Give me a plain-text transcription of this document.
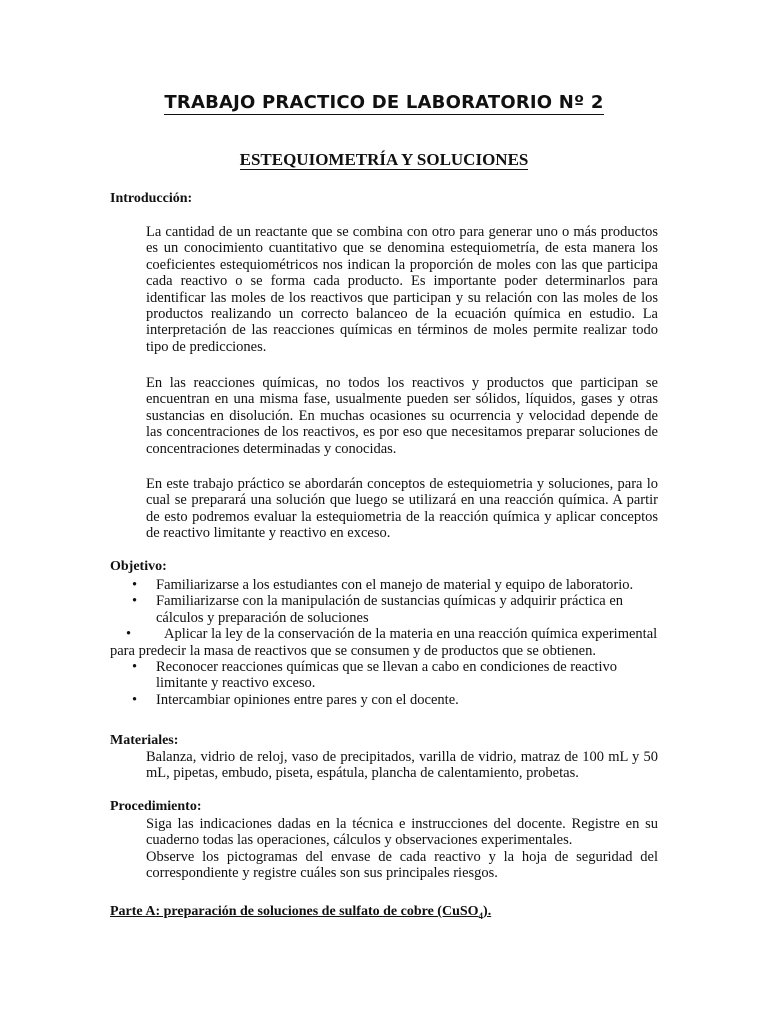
TRABAJO PRACTICO DE LABORATORIO Nº 2
ESTEQUIOMETRÍA Y SOLUCIONES
Introducción:
La cantidad de un reactante que se combina con otro para generar uno o más productos es un conocimiento cuantitativo que se denomina estequiometría, de esta manera los coeficientes estequiométricos nos indican la proporción de moles con las que participa cada reactivo o se forma cada producto. Es importante poder determinarlos para identificar las moles de los reactivos que participan y su relación con las moles de los productos realizando un correcto balanceo de la ecuación química en estudio. La interpretación de las reacciones químicas en términos de moles permite realizar todo tipo de predicciones.
En las reacciones químicas, no todos los reactivos y productos que participan se encuentran en una misma fase, usualmente pueden ser sólidos, líquidos, gases y otras sustancias en disolución. En muchas ocasiones su ocurrencia y velocidad depende de las concentraciones de los reactivos, es por eso que necesitamos preparar soluciones de concentraciones determinadas y conocidas.
En este trabajo práctico se abordarán conceptos de estequiometria y soluciones, para lo cual se preparará una solución que luego se utilizará en una reacción química. A partir de esto podremos evaluar la estequiometria de la reacción química y aplicar conceptos de reactivo limitante y reactivo en exceso.
Objetivo:
• Familiarizarse a los estudiantes con el manejo de material y equipo de laboratorio.
• Familiarizarse con la manipulación de sustancias químicas y adquirir práctica en cálculos y preparación de soluciones
• Aplicar la ley de la conservación de la materia en una reacción química experimental
para predecir la masa de reactivos que se consumen y de productos que se obtienen.
• Reconocer reacciones químicas que se llevan a cabo en condiciones de reactivo limitante y reactivo exceso.
• Intercambiar opiniones entre pares y con el docente.
Materiales:
Balanza, vidrio de reloj, vaso de precipitados, varilla de vidrio, matraz de 100 mL y 50 mL, pipetas, embudo, piseta, espátula, plancha de calentamiento, probetas.
Procedimiento:
Siga las indicaciones dadas en la técnica e instrucciones del docente. Registre en su cuaderno todas las operaciones, cálculos y observaciones experimentales.
Observe los pictogramas del envase de cada reactivo y la hoja de seguridad del correspondiente y registre cuáles son sus principales riesgos.
Parte A: preparación de soluciones de sulfato de cobre (CuSO$_4$).
